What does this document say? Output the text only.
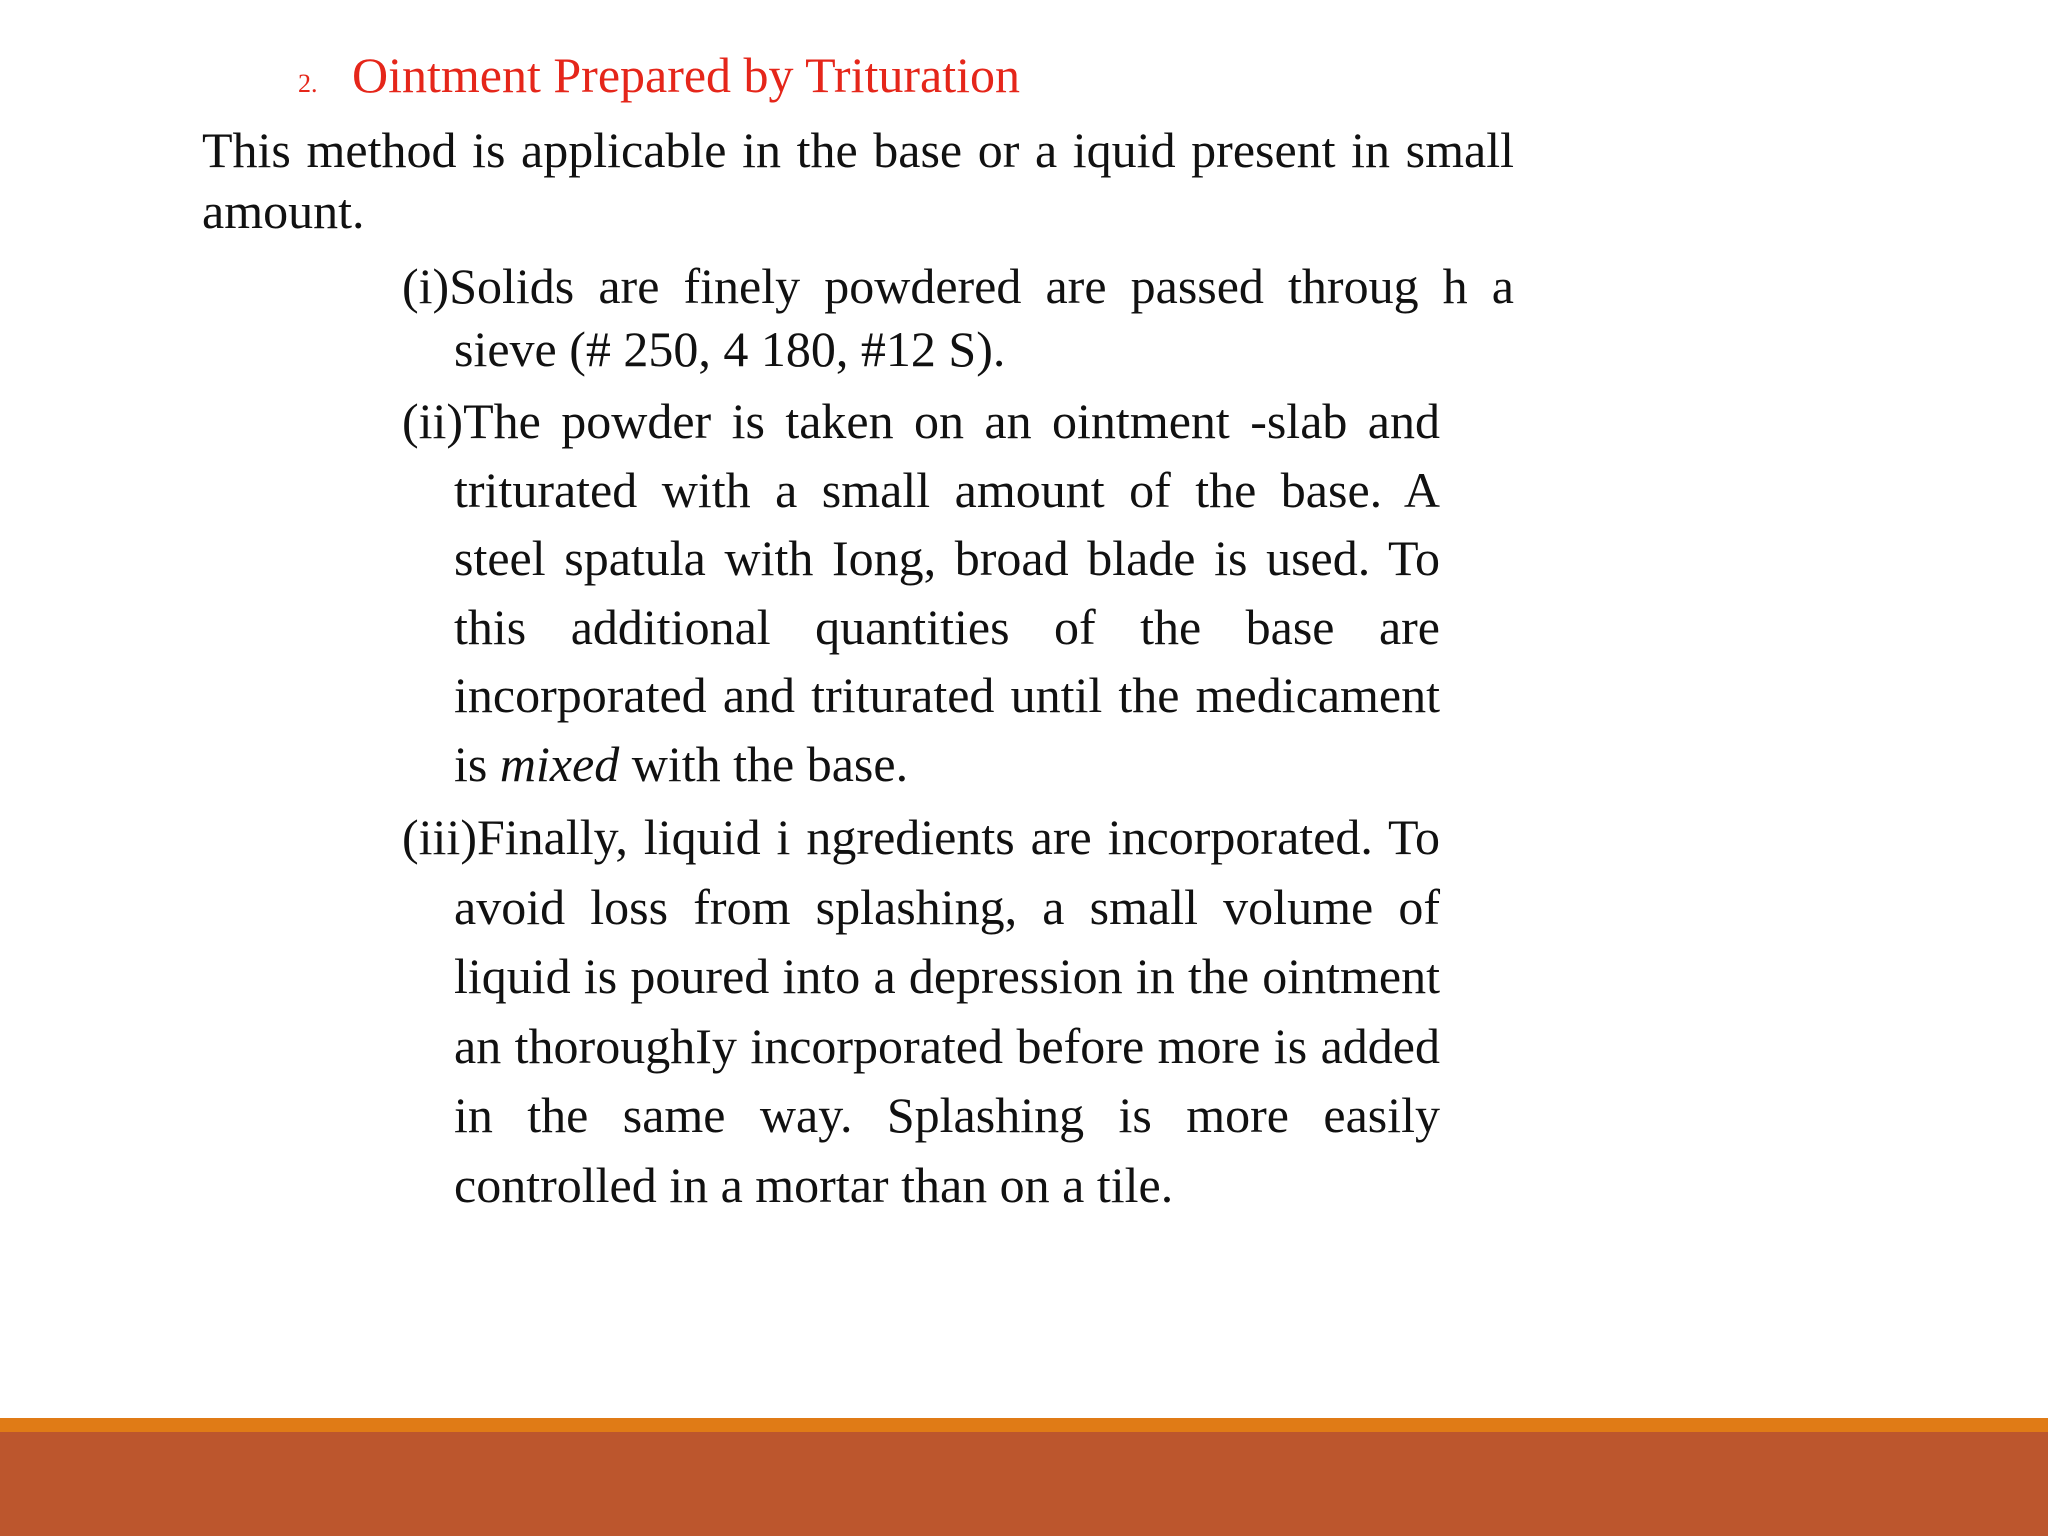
2. Ointment Prepared by Trituration

This method is applicable in the base or a iquid present in small amount.

(i)Solids are finely powdered are passed throug h a sieve (# 250, 4 180, #12 S).

(ii)The powder is taken on an ointment -slab and triturated with a small amount of the base. A steel spatula with Iong, broad blade is used. To this additional quantities of the base are incorporated and triturated until the medicament is mixed with the base.

(iii)Finally, liquid i ngredients are incorporated. To avoid loss from splashing, a small volume of liquid is poured into a depression in the ointment an thoroughIy incorporated before more is added in the same way. Splashing is more easily controlled in a mortar than on a tile.
